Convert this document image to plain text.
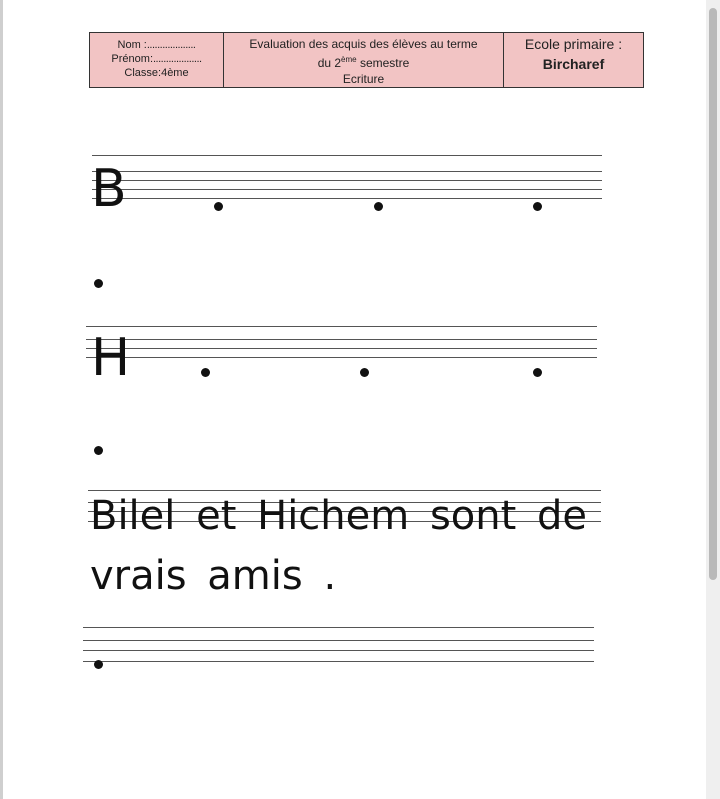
Nom :...................
Prénom:...................
Classe:4ème
Evaluation des acquis des élèves au terme
du 2ème semestre
Ecriture
Ecole primaire :
Bircharef
B
H
Bilel et Hichem sont de
vrais amis .
